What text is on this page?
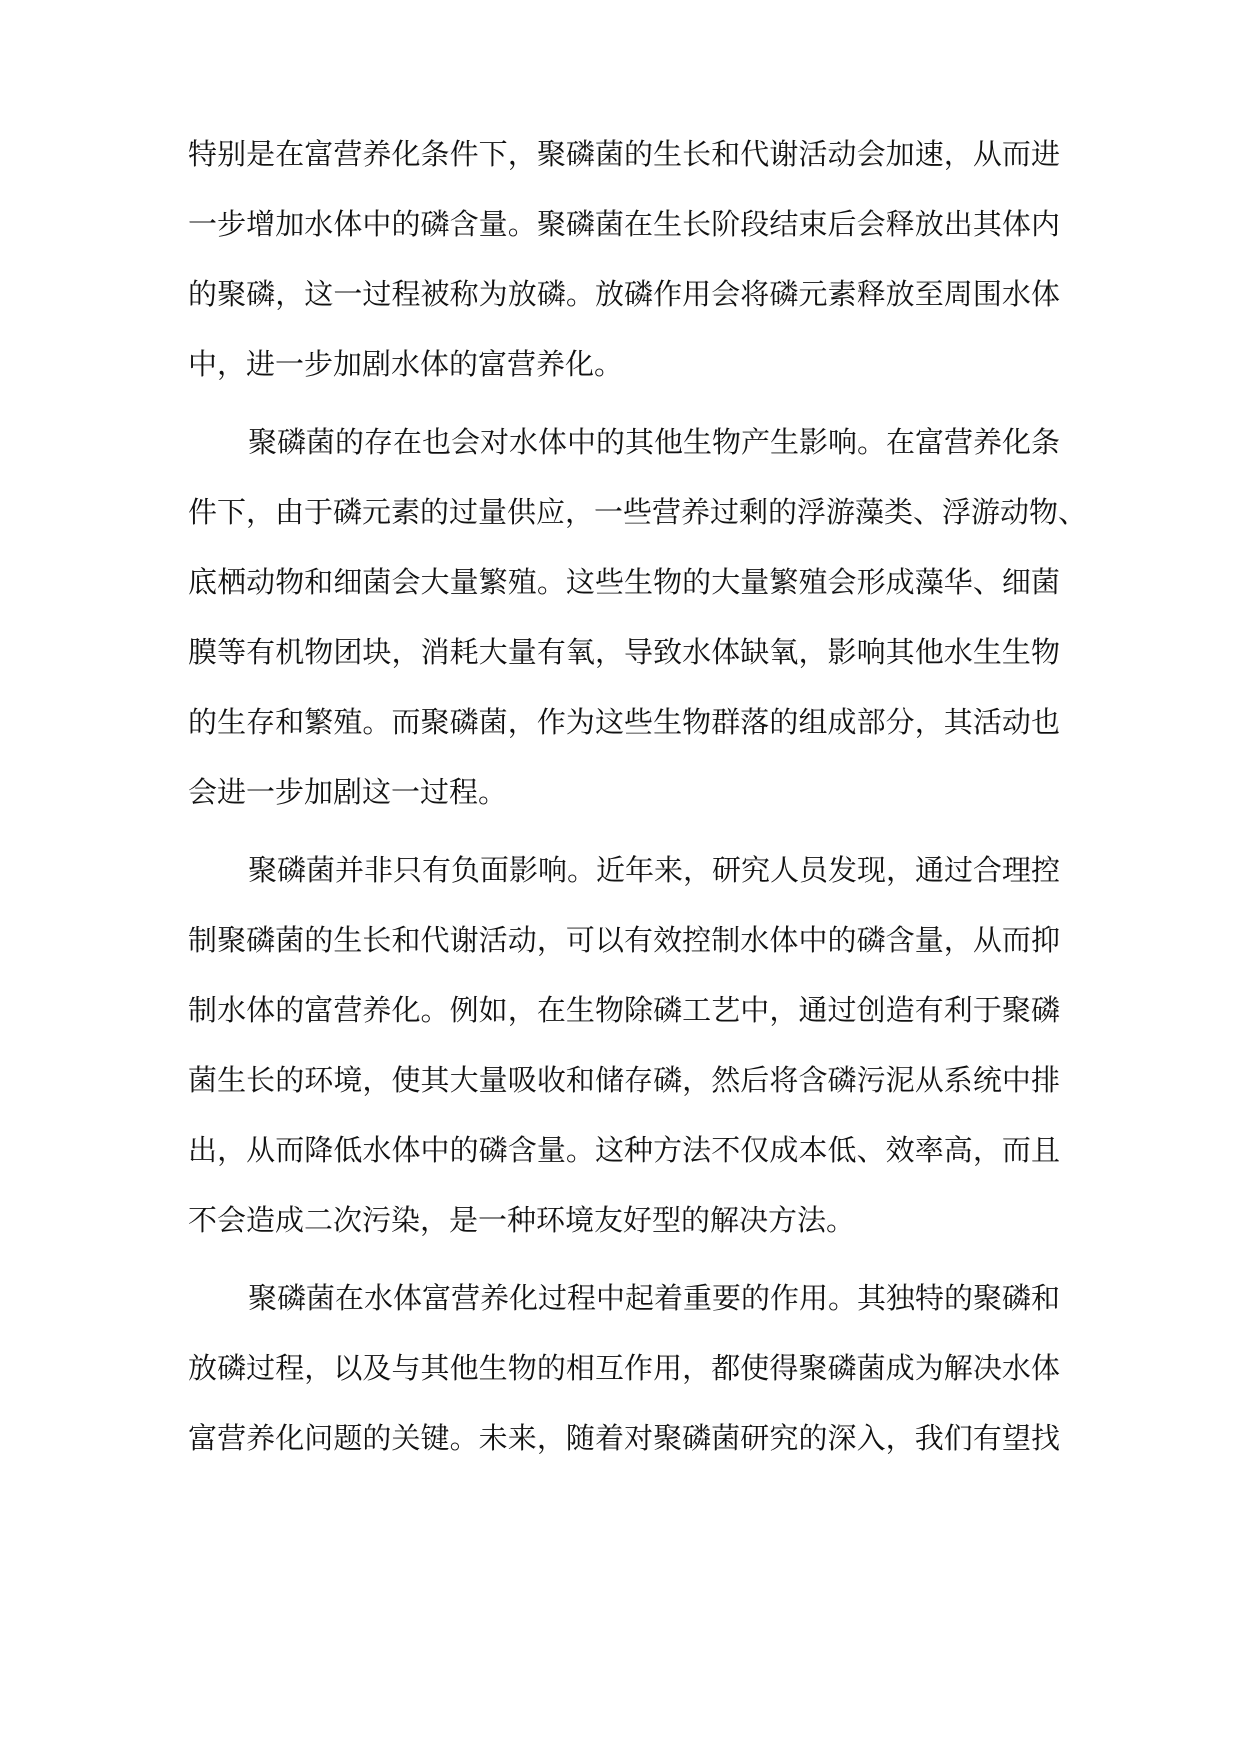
特别是在富营养化条件下，聚磷菌的生长和代谢活动会加速，从而进
一步增加水体中的磷含量。聚磷菌在生长阶段结束后会释放出其体内
的聚磷，这一过程被称为放磷。放磷作用会将磷元素释放至周围水体
中，进一步加剧水体的富营养化。
聚磷菌的存在也会对水体中的其他生物产生影响。在富营养化条
件下，由于磷元素的过量供应，一些营养过剩的浮游藻类、浮游动物、
底栖动物和细菌会大量繁殖。这些生物的大量繁殖会形成藻华、细菌
膜等有机物团块，消耗大量有氧，导致水体缺氧，影响其他水生生物
的生存和繁殖。而聚磷菌，作为这些生物群落的组成部分，其活动也
会进一步加剧这一过程。
聚磷菌并非只有负面影响。近年来，研究人员发现，通过合理控
制聚磷菌的生长和代谢活动，可以有效控制水体中的磷含量，从而抑
制水体的富营养化。例如，在生物除磷工艺中，通过创造有利于聚磷
菌生长的环境，使其大量吸收和储存磷，然后将含磷污泥从系统中排
出，从而降低水体中的磷含量。这种方法不仅成本低、效率高，而且
不会造成二次污染，是一种环境友好型的解决方法。
聚磷菌在水体富营养化过程中起着重要的作用。其独特的聚磷和
放磷过程，以及与其他生物的相互作用，都使得聚磷菌成为解决水体
富营养化问题的关键。未来，随着对聚磷菌研究的深入，我们有望找
